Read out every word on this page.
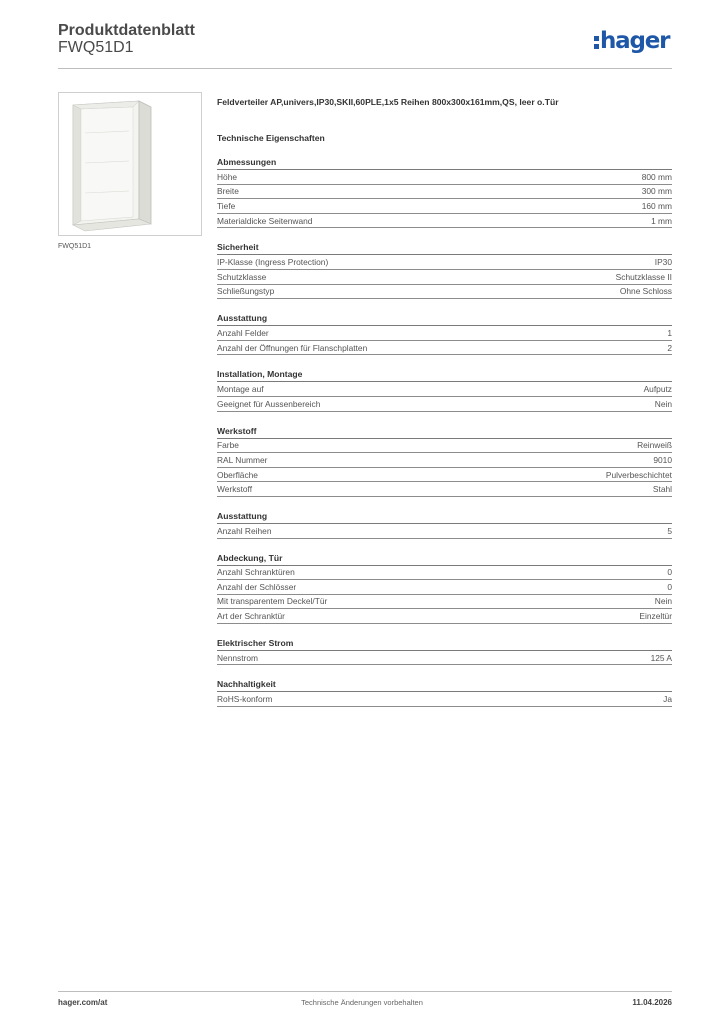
Produktdatenblatt
FWQ51D1	hager
FWQ51D1
Feldverteiler AP,univers,IP30,SKII,60PLE,1x5 Reihen 800x300x161mm,QS, leer o.Tür
Technische Eigenschaften
Abmessungen
Höhe	800 mm
Breite	300 mm
Tiefe	160 mm
Materialdicke Seitenwand	1 mm
Sicherheit
IP-Klasse (Ingress Protection)	IP30
Schutzklasse	Schutzklasse II
Schließungstyp	Ohne Schloss
Ausstattung
Anzahl Felder	1
Anzahl der Öffnungen für Flanschplatten	2
Installation, Montage
Montage auf	Aufputz
Geeignet für Aussenbereich	Nein
Werkstoff
Farbe	Reinweiß
RAL Nummer	9010
Oberfläche	Pulverbeschichtet
Werkstoff	Stahl
Ausstattung
Anzahl Reihen	5
Abdeckung, Tür
Anzahl Schranktüren	0
Anzahl der Schlösser	0
Mit transparentem Deckel/Tür	Nein
Art der Schranktür	Einzeltür
Elektrischer Strom
Nennstrom	125 A
Nachhaltigkeit
RoHS-konform	Ja
hager.com/at	Technische Änderungen vorbehalten	11.04.2026
